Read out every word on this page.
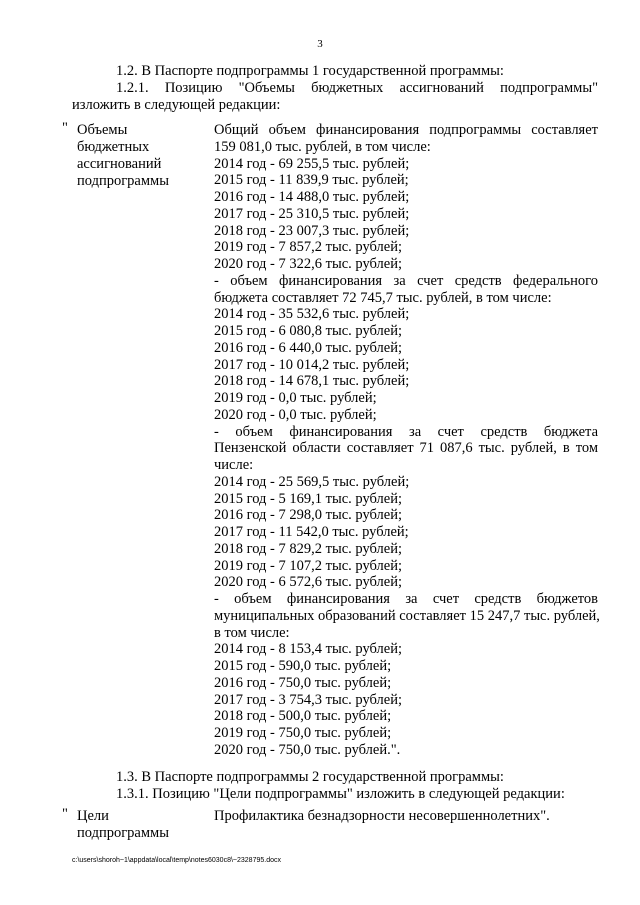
3
1.2. В Паспорте подпрограммы 1 государственной программы:
1.2.1. Позицию "Объемы бюджетных ассигнований подпрограммы"
изложить в следующей редакции:
" Объемы
бюджетных
ассигнований
подпрограммы
Общий объем финансирования подпрограммы составляет
159 081,0 тыс. рублей, в том числе:
2014 год - 69 255,5 тыс. рублей;
2015 год - 11 839,9 тыс. рублей;
2016 год - 14 488,0 тыс. рублей;
2017 год - 25 310,5 тыс. рублей;
2018 год - 23 007,3 тыс. рублей;
2019 год - 7 857,2 тыс. рублей;
2020 год - 7 322,6 тыс. рублей;
- объем финансирования за счет средств федерального
бюджета составляет 72 745,7 тыс. рублей, в том числе:
2014 год - 35 532,6 тыс. рублей;
2015 год - 6 080,8 тыс. рублей;
2016 год - 6 440,0 тыс. рублей;
2017 год - 10 014,2 тыс. рублей;
2018 год - 14 678,1 тыс. рублей;
2019 год - 0,0 тыс. рублей;
2020 год - 0,0 тыс. рублей;
- объем финансирования за счет средств бюджета
Пензенской области составляет 71 087,6 тыс. рублей, в том
числе:
2014 год - 25 569,5 тыс. рублей;
2015 год - 5 169,1 тыс. рублей;
2016 год - 7 298,0 тыс. рублей;
2017 год - 11 542,0 тыс. рублей;
2018 год - 7 829,2 тыс. рублей;
2019 год - 7 107,2 тыс. рублей;
2020 год - 6 572,6 тыс. рублей;
- объем финансирования за счет средств бюджетов
муниципальных образований составляет 15 247,7 тыс. рублей,
в том числе:
2014 год - 8 153,4 тыс. рублей;
2015 год - 590,0 тыс. рублей;
2016 год - 750,0 тыс. рублей;
2017 год - 3 754,3 тыс. рублей;
2018 год - 500,0 тыс. рублей;
2019 год - 750,0 тыс. рублей;
2020 год - 750,0 тыс. рублей.".
1.3. В Паспорте подпрограммы 2 государственной программы:
1.3.1. Позицию "Цели подпрограммы" изложить в следующей редакции:
" Цели
подпрограммы
Профилактика безнадзорности несовершеннолетних".
c:\users\shoroh~1\appdata\local\temp\notes6030c8\~2328795.docx
